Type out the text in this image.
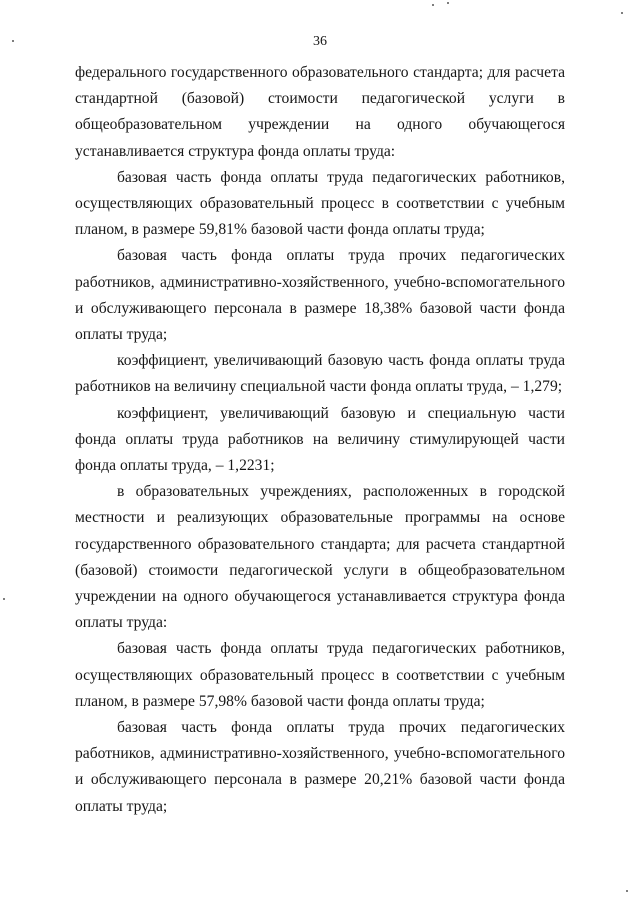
36

федерального государственного образовательного стандарта; для расчета стандартной (базовой) стоимости педагогической услуги в общеобразовательном учреждении на одного обучающегося устанавливается структура фонда оплаты труда:

базовая часть фонда оплаты труда педагогических работников, осуществляющих образовательный процесс в соответствии с учебным планом, в размере 59,81% базовой части фонда оплаты труда;

базовая часть фонда оплаты труда прочих педагогических работников, административно-хозяйственного, учебно-вспомогательного и обслуживающего персонала в размере 18,38% базовой части фонда оплаты труда;

коэффициент, увеличивающий базовую часть фонда оплаты труда работников на величину специальной части фонда оплаты труда, – 1,279;

коэффициент, увеличивающий базовую и специальную части фонда оплаты труда работников на величину стимулирующей части фонда оплаты труда, – 1,2231;

в образовательных учреждениях, расположенных в городской местности и реализующих образовательные программы на основе государственного образовательного стандарта; для расчета стандартной (базовой) стоимости педагогической услуги в общеобразовательном учреждении на одного обучающегося устанавливается структура фонда оплаты труда:

базовая часть фонда оплаты труда педагогических работников, осуществляющих образовательный процесс в соответствии с учебным планом, в размере 57,98% базовой части фонда оплаты труда;

базовая часть фонда оплаты труда прочих педагогических работников, административно-хозяйственного, учебно-вспомогательного и обслуживающего персонала в размере 20,21% базовой части фонда оплаты труда;
